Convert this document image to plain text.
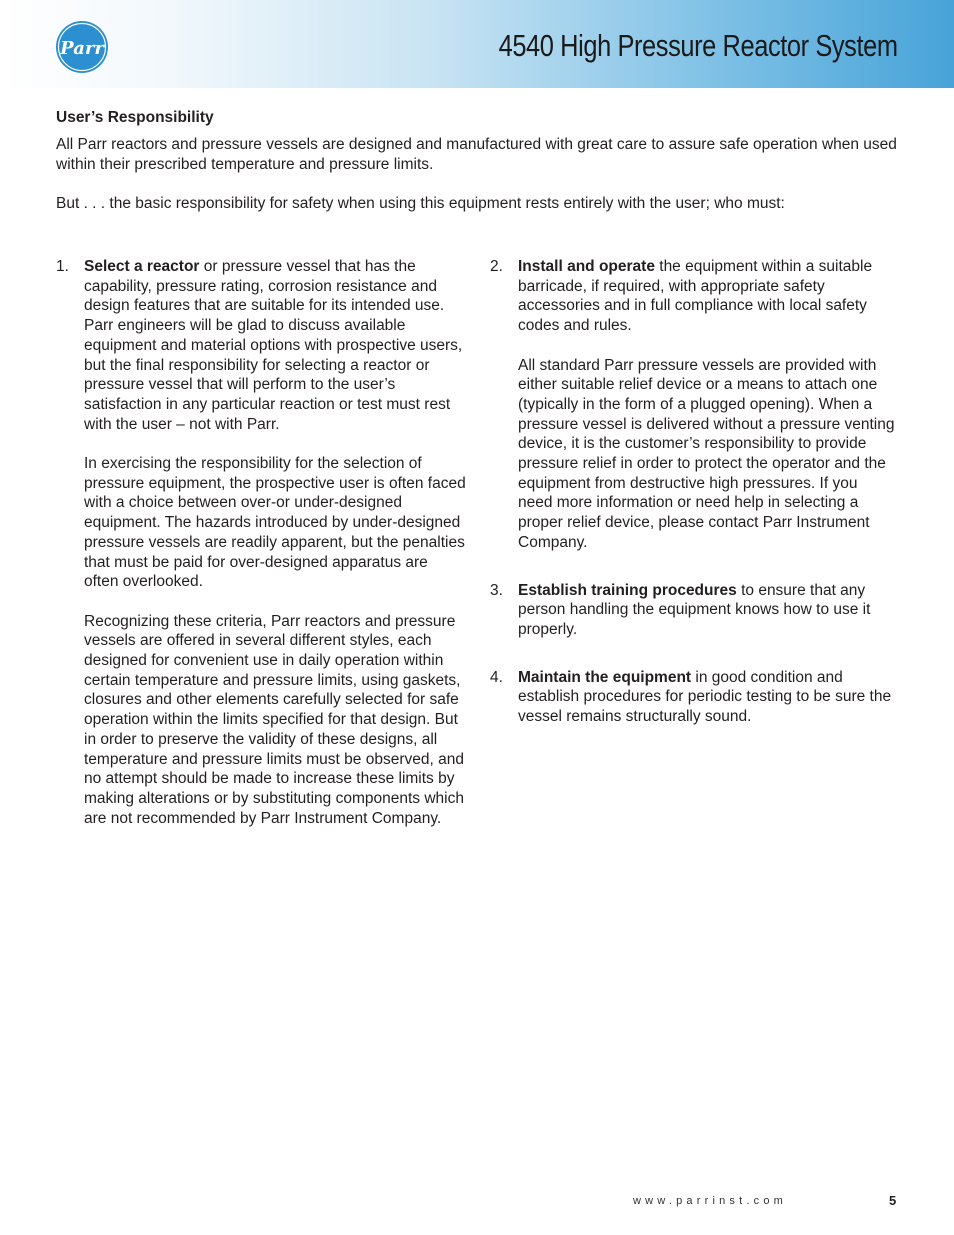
Parr	4540 High Pressure Reactor System
User’s Responsibility

All Parr reactors and pressure vessels are designed and manufactured with great care to assure safe operation when used within their prescribed temperature and pressure limits.

But . . . the basic responsibility for safety when using this equipment rests entirely with the user; who must:

1. Select a reactor or pressure vessel that has the capability, pressure rating, corrosion resistance and design features that are suitable for its intended use. Parr engineers will be glad to discuss available equipment and material options with prospective users, but the final responsibility for selecting a reactor or pressure vessel that will perform to the user’s satisfaction in any particular reaction or test must rest with the user – not with Parr.

In exercising the responsibility for the selection of pressure equipment, the prospective user is often faced with a choice between over-or under-designed equipment. The hazards introduced by under-designed pressure vessels are readily apparent, but the penalties that must be paid for over-designed apparatus are often overlooked.

Recognizing these criteria, Parr reactors and pressure vessels are offered in several different styles, each designed for convenient use in daily operation within certain temperature and pressure limits, using gaskets, closures and other elements carefully selected for safe operation within the limits specified for that design. But in order to preserve the validity of these designs, all temperature and pressure limits must be observed, and no attempt should be made to increase these limits by making alterations or by substituting components which are not recommended by Parr Instrument Company.

2. Install and operate the equipment within a suitable barricade, if required, with appropriate safety accessories and in full compliance with local safety codes and rules.

All standard Parr pressure vessels are provided with either suitable relief device or a means to attach one (typically in the form of a plugged opening). When a pressure vessel is delivered without a pressure venting device, it is the customer’s responsibility to provide pressure relief in order to protect the operator and the equipment from destructive high pressures. If you need more information or need help in selecting a proper relief device, please contact Parr Instrument Company.

3. Establish training procedures to ensure that any person handling the equipment knows how to use it properly.

4. Maintain the equipment in good condition and establish procedures for periodic testing to be sure the vessel remains structurally sound.

www.parrinst.com	5
